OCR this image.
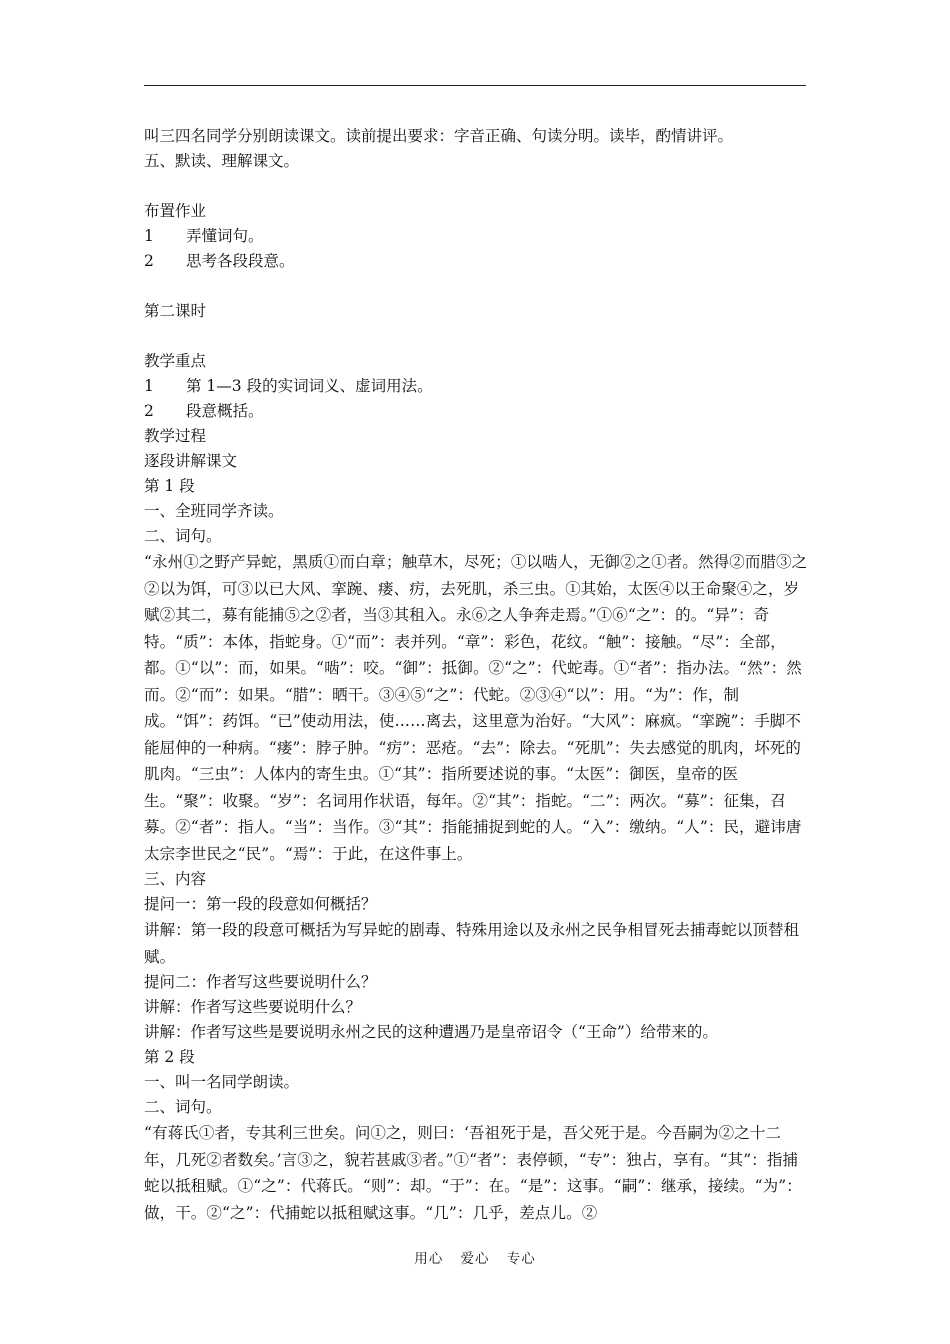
叫三四名同学分别朗读课文。读前提出要求：字音正确、句读分明。读毕，酌情讲评。

五、默读、理解课文。

布置作业

1	弄懂词句。
2	思考各段段意。

第二课时

教学重点

1	第 1—3 段的实词词义、虚词用法。
2	段意概括。

教学过程

逐段讲解课文

第 1 段

一、全班同学齐读。

二、词句。

“永州①之野产异蛇，黑质①而白章；触草木，尽死；①以啮人，无御②之①者。然得②而腊③之②以为饵，可③以已大风、挛踠、瘘、疠，去死肌，杀三虫。①其始，太医④以王命聚④之，岁赋②其二，募有能捕⑤之②者，当③其租入。永⑥之人争奔走焉。”①⑥“之”：的。“异”：奇特。“质”：本体，指蛇身。①“而”：表并列。“章”：彩色，花纹。“触”：接触。“尽”：全部，都。①“以”：而，如果。“啮”：咬。“御”：抵御。②“之”：代蛇毒。①“者”：指办法。“然”：然而。②“而”：如果。“腊”：晒干。③④⑤“之”：代蛇。②③④“以”：用。“为”：作，制成。“饵”：药饵。“已”使动用法，使……离去，这里意为治好。“大风”：麻疯。“挛踠”：手脚不能屈伸的一种病。“瘘”：脖子肿。“疠”：恶疮。“去”：除去。“死肌”：失去感觉的肌肉，坏死的肌肉。“三虫”：人体内的寄生虫。①“其”：指所要述说的事。“太医”：御医，皇帝的医生。“聚”：收聚。“岁”：名词用作状语，每年。②“其”：指蛇。“二”：两次。“募”：征集，召募。②“者”：指人。“当”：当作。③“其”：指能捕捉到蛇的人。“入”：缴纳。“人”：民，避讳唐太宗李世民之“民”。“焉”：于此，在这件事上。

三、内容

提问一：第一段的段意如何概括？

讲解：第一段的段意可概括为写异蛇的剧毒、特殊用途以及永州之民争相冒死去捕毒蛇以顶替租赋。

提问二：作者写这些要说明什么？

讲解：作者写这些要说明什么？

讲解：作者写这些是要说明永州之民的这种遭遇乃是皇帝诏令（“王命”）给带来的。

第 2 段

一、叫一名同学朗读。

二、词句。

“有蒋氏①者，专其利三世矣。问①之，则曰：‘吾祖死于是，吾父死于是。今吾嗣为②之十二年，几死②者数矣。’言③之，貌若甚戚③者。”①“者”：表停顿，“专”：独占，享有。“其”：指捕蛇以抵租赋。①“之”：代蒋氏。“则”：却。“于”：在。“是”：这事。“嗣”：继承，接续。“为”：做，干。②“之”：代捕蛇以抵租赋这事。“几”：几乎，差点儿。②

用心 爱心 专心
